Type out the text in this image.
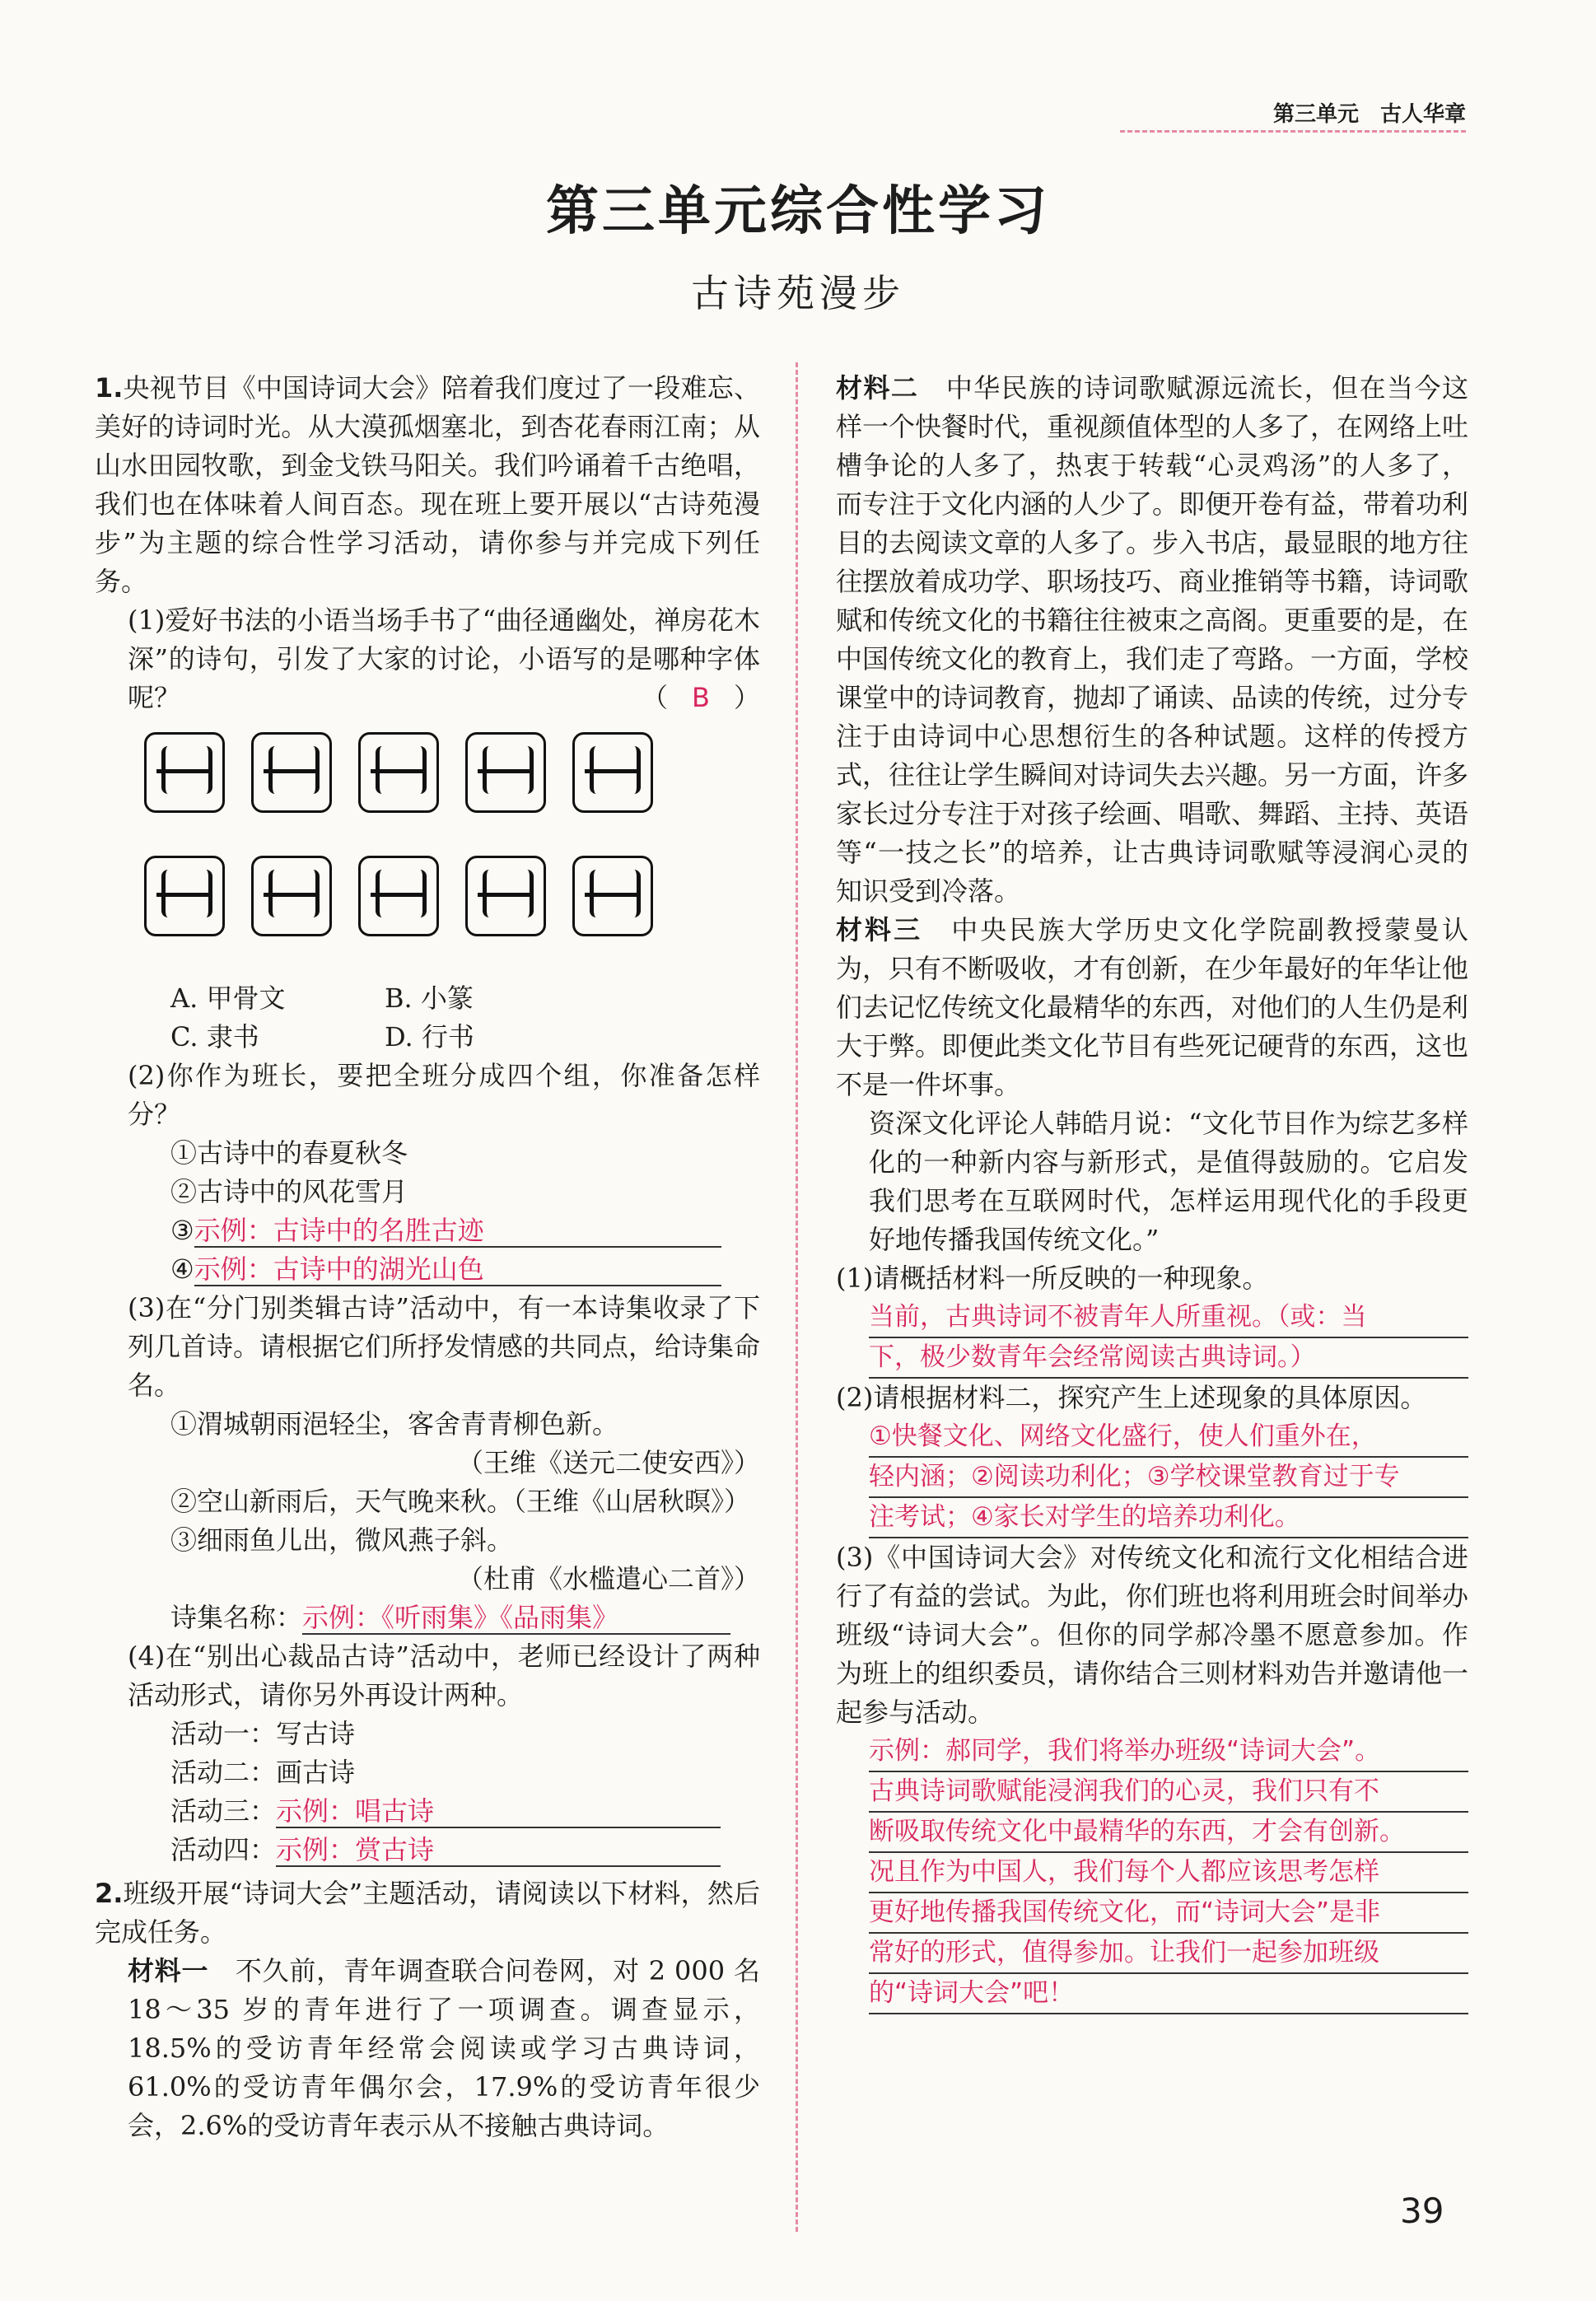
第三单元　古人华章
第三单元综合性学习
古诗苑漫步

1.央视节目《中国诗词大会》陪着我们度过了一段难忘、美好的诗词时光。从大漠孤烟塞北，到杏花春雨江南；从山水田园牧歌，到金戈铁马阳关。我们吟诵着千古绝唱，我们也在体味着人间百态。现在班上要开展以“古诗苑漫步”为主题的综合性学习活动，请你参与并完成下列任务。

(1)爱好书法的小语当场手书了“曲径通幽处，禅房花木深”的诗句，引发了大家的讨论，小语写的是哪种字体呢？	（ B ）

A. 甲骨文	B. 小篆
C. 隶书	D. 行书

(2)你作为班长，要把全班分成四个组，你准备怎样分？

①古诗中的春夏秋冬

②古诗中的风花雪月

③示例：古诗中的名胜古迹

④示例：古诗中的湖光山色

(3)在“分门别类辑古诗”活动中，有一本诗集收录了下列几首诗。请根据它们所抒发情感的共同点，给诗集命名。

①渭城朝雨浥轻尘，客舍青青柳色新。

（王维《送元二使安西》）

②空山新雨后，天气晚来秋。（王维《山居秋暝》）

③细雨鱼儿出，微风燕子斜。

（杜甫《水槛遣心二首》）

诗集名称：示例：《听雨集》《品雨集》

(4)在“别出心裁品古诗”活动中，老师已经设计了两种活动形式，请你另外再设计两种。

活动一：写古诗

活动二：画古诗

活动三：示例：唱古诗

活动四：示例：赏古诗

2.班级开展“诗词大会”主题活动，请阅读以下材料，然后完成任务。

材料一　 不久前，青年调查联合问卷网，对 2 000 名 18～35 岁的青年进行了一项调查。调查显示，18.5%的受访青年经常会阅读或学习古典诗词，61.0%的受访青年偶尔会，17.9%的受访青年很少会，2.6%的受访青年表示从不接触古典诗词。

材料二　 中华民族的诗词歌赋源远流长，但在当今这样一个快餐时代，重视颜值体型的人多了，在网络上吐槽争论的人多了，热衷于转载“心灵鸡汤”的人多了，而专注于文化内涵的人少了。即便开卷有益，带着功利目的去阅读文章的人多了。步入书店，最显眼的地方往往摆放着成功学、职场技巧、商业推销等书籍，诗词歌赋和传统文化的书籍往往被束之高阁。更重要的是，在中国传统文化的教育上，我们走了弯路。一方面，学校课堂中的诗词教育，抛却了诵读、品读的传统，过分专注于由诗词中心思想衍生的各种试题。这样的传授方式，往往让学生瞬间对诗词失去兴趣。另一方面，许多家长过分专注于对孩子绘画、唱歌、舞蹈、主持、英语等“一技之长”的培养，让古典诗词歌赋等浸润心灵的知识受到冷落。

材料三　 中央民族大学历史文化学院副教授蒙曼认为，只有不断吸收，才有创新，在少年最好的年华让他们去记忆传统文化最精华的东西，对他们的人生仍是利大于弊。即便此类文化节目有些死记硬背的东西，这也不是一件坏事。

资深文化评论人韩皓月说：“文化节目作为综艺多样化的一种新内容与新形式，是值得鼓励的。它启发我们思考在互联网时代，怎样运用现代化的手段更好地传播我国传统文化。”

(1)请概括材料一所反映的一种现象。

当前，古典诗词不被青年人所重视。（或：当
下，极少数青年会经常阅读古典诗词。）

(2)请根据材料二，探究产生上述现象的具体原因。

①快餐文化、网络文化盛行，使人们重外在，
轻内涵；②阅读功利化；③学校课堂教育过于专
注考试；④家长对学生的培养功利化。

(3)《中国诗词大会》对传统文化和流行文化相结合进行了有益的尝试。为此，你们班也将利用班会时间举办班级“诗词大会”。但你的同学郝冷墨不愿意参加。作为班上的组织委员，请你结合三则材料劝告并邀请他一起参与活动。

示例：郝同学，我们将举办班级“诗词大会”。
古典诗词歌赋能浸润我们的心灵，我们只有不
断吸取传统文化中最精华的东西，才会有创新。
况且作为中国人，我们每个人都应该思考怎样
更好地传播我国传统文化，而“诗词大会”是非
常好的形式，值得参加。让我们一起参加班级
的“诗词大会”吧！
39
